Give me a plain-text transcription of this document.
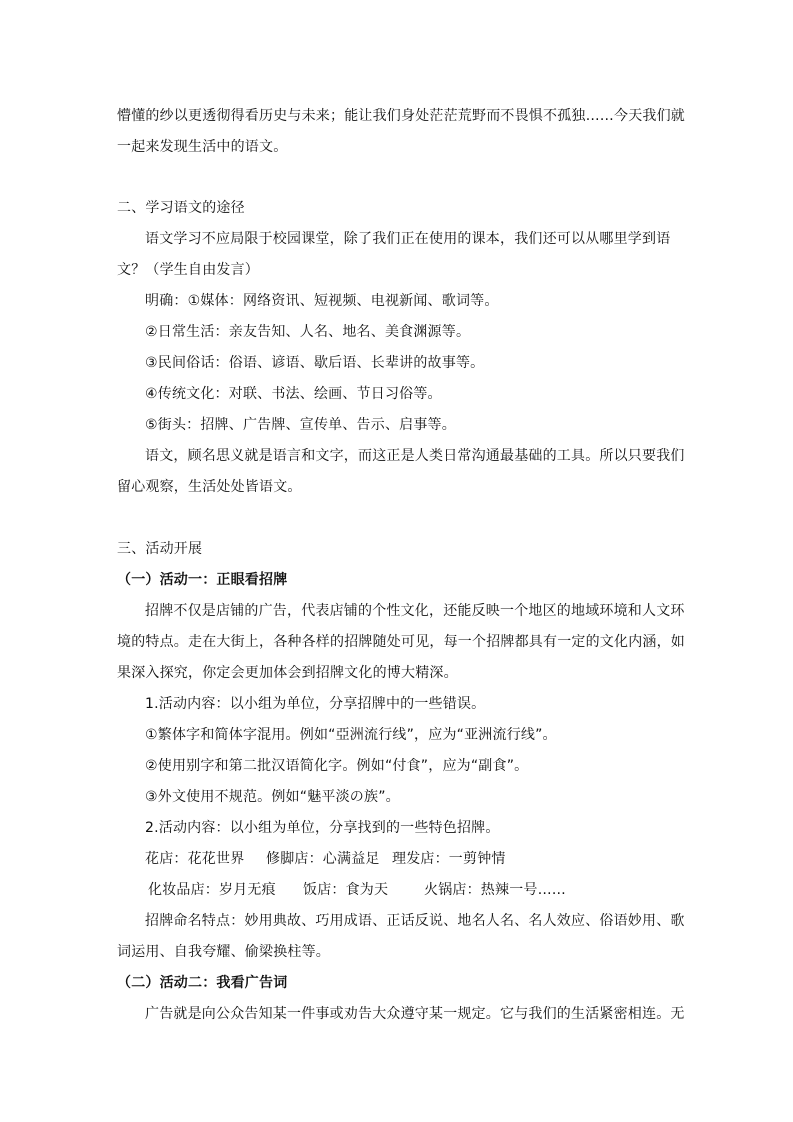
懵懂的纱以更透彻得看历史与未来；能让我们身处茫茫荒野而不畏惧不孤独……今天我们就
一起来发现生活中的语文。
二、学习语文的途径
语文学习不应局限于校园课堂，除了我们正在使用的课本，我们还可以从哪里学到语
文？（学生自由发言）
明确：①媒体：网络资讯、短视频、电视新闻、歌词等。
②日常生活：亲友告知、人名、地名、美食渊源等。
③民间俗话：俗语、谚语、歇后语、长辈讲的故事等。
④传统文化：对联、书法、绘画、节日习俗等。
⑤街头：招牌、广告牌、宣传单、告示、启事等。
语文，顾名思义就是语言和文字，而这正是人类日常沟通最基础的工具。所以只要我们
留心观察，生活处处皆语文。
三、活动开展
（一）活动一：正眼看招牌
招牌不仅是店铺的广告，代表店铺的个性文化，还能反映一个地区的地域环境和人文环
境的特点。走在大街上，各种各样的招牌随处可见，每一个招牌都具有一定的文化内涵，如
果深入探究，你定会更加体会到招牌文化的博大精深。
1.活动内容：以小组为单位，分享招牌中的一些错误。
①繁体字和简体字混用。例如“亞洲流行线”，应为“亚洲流行线”。
②使用别字和第二批汉语简化字。例如“付食”，应为“副食”。
③外文使用不规范。例如“魅平淡の族”。
2.活动内容：以小组为单位，分享找到的一些特色招牌。
花店：花花世界 修脚店：心满益足 理发店：一剪钟情
化妆品店：岁月无痕 饭店：食为天	火锅店：热辣一号……
招牌命名特点：妙用典故、巧用成语、正话反说、地名人名、名人效应、俗语妙用、歌
词运用、自我夸耀、偷梁换柱等。
（二）活动二：我看广告词
广告就是向公众告知某一件事或劝告大众遵守某一规定。它与我们的生活紧密相连。无
